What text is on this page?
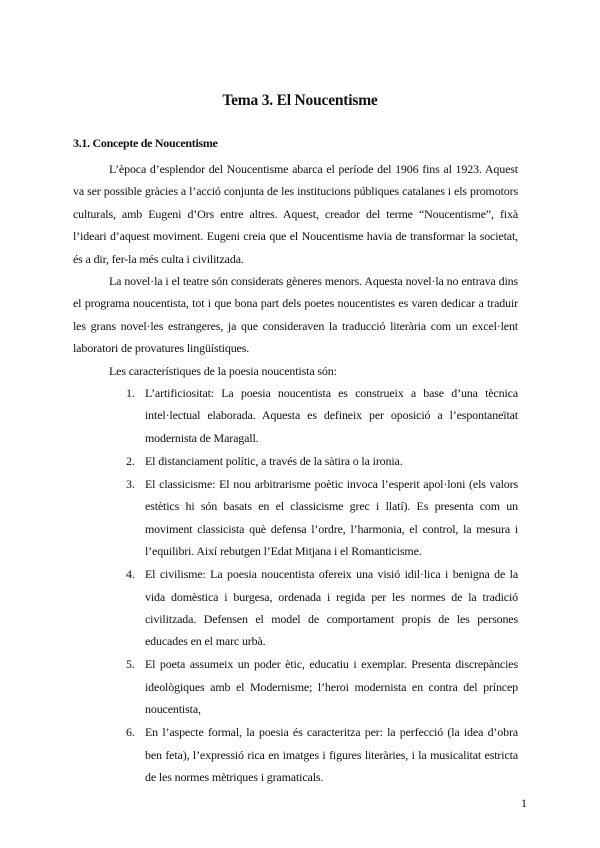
Tema 3. El Noucentisme
3.1. Concepte de Noucentisme

L’època d’esplendor del Noucentisme abarca el període del 1906 fins al 1923. Aquest va ser possible gràcies a l’acció conjunta de les institucions públiques catalanes i els promotors culturals, amb Eugeni d’Ors entre altres. Aquest, creador del terme “Noucentisme”, fixà l’ideari d’aquest moviment. Eugeni creia que el Noucentisme havia de transformar la societat, és a dir, fer-la més culta i civilitzada.

La novel·la i el teatre són considerats gèneres menors. Aquesta novel·la no entrava dins el programa noucentista, tot i que bona part dels poetes noucentistes es varen dedicar a traduir les grans novel·les estrangeres, ja que consideraven la traducció literària com un excel·lent laboratori de provatures lingüístiques.

Les característiques de la poesia noucentista són:

1. L’artificiositat: La poesia noucentista es construeix a base d’una tècnica intel·lectual elaborada. Aquesta es defineix per oposició a l’espontaneïtat modernista de Maragall.
2. El distanciament polític, a través de la sàtira o la ironia.
3. El classicisme: El nou arbitrarisme poètic invoca l’esperit apol·loni (els valors estètics hi són basats en el classicisme grec i llatí). Es presenta com un moviment classicista què defensa l’ordre, l’harmonia, el control, la mesura i l’equilibri. Així rebutgen l’Edat Mitjana i el Romanticisme.
4. El civilisme: La poesia noucentista ofereix una visió idil·lica i benigna de la vida domèstica i burgesa, ordenada i regida per les normes de la tradició civilitzada. Defensen el model de comportament propis de les persones educades en el marc urbà.
5. El poeta assumeix un poder ètic, educatiu i exemplar. Presenta discrepàncies ideològiques amb el Modernisme; l’heroi modernista en contra del príncep noucentista,
6. En l’aspecte formal, la poesia és caracteritza per: la perfecció (la idea d’obra ben feta), l’expressió rica en imatges i figures literàries, i la musicalitat estricta de les normes mètriques i gramaticals.
1
